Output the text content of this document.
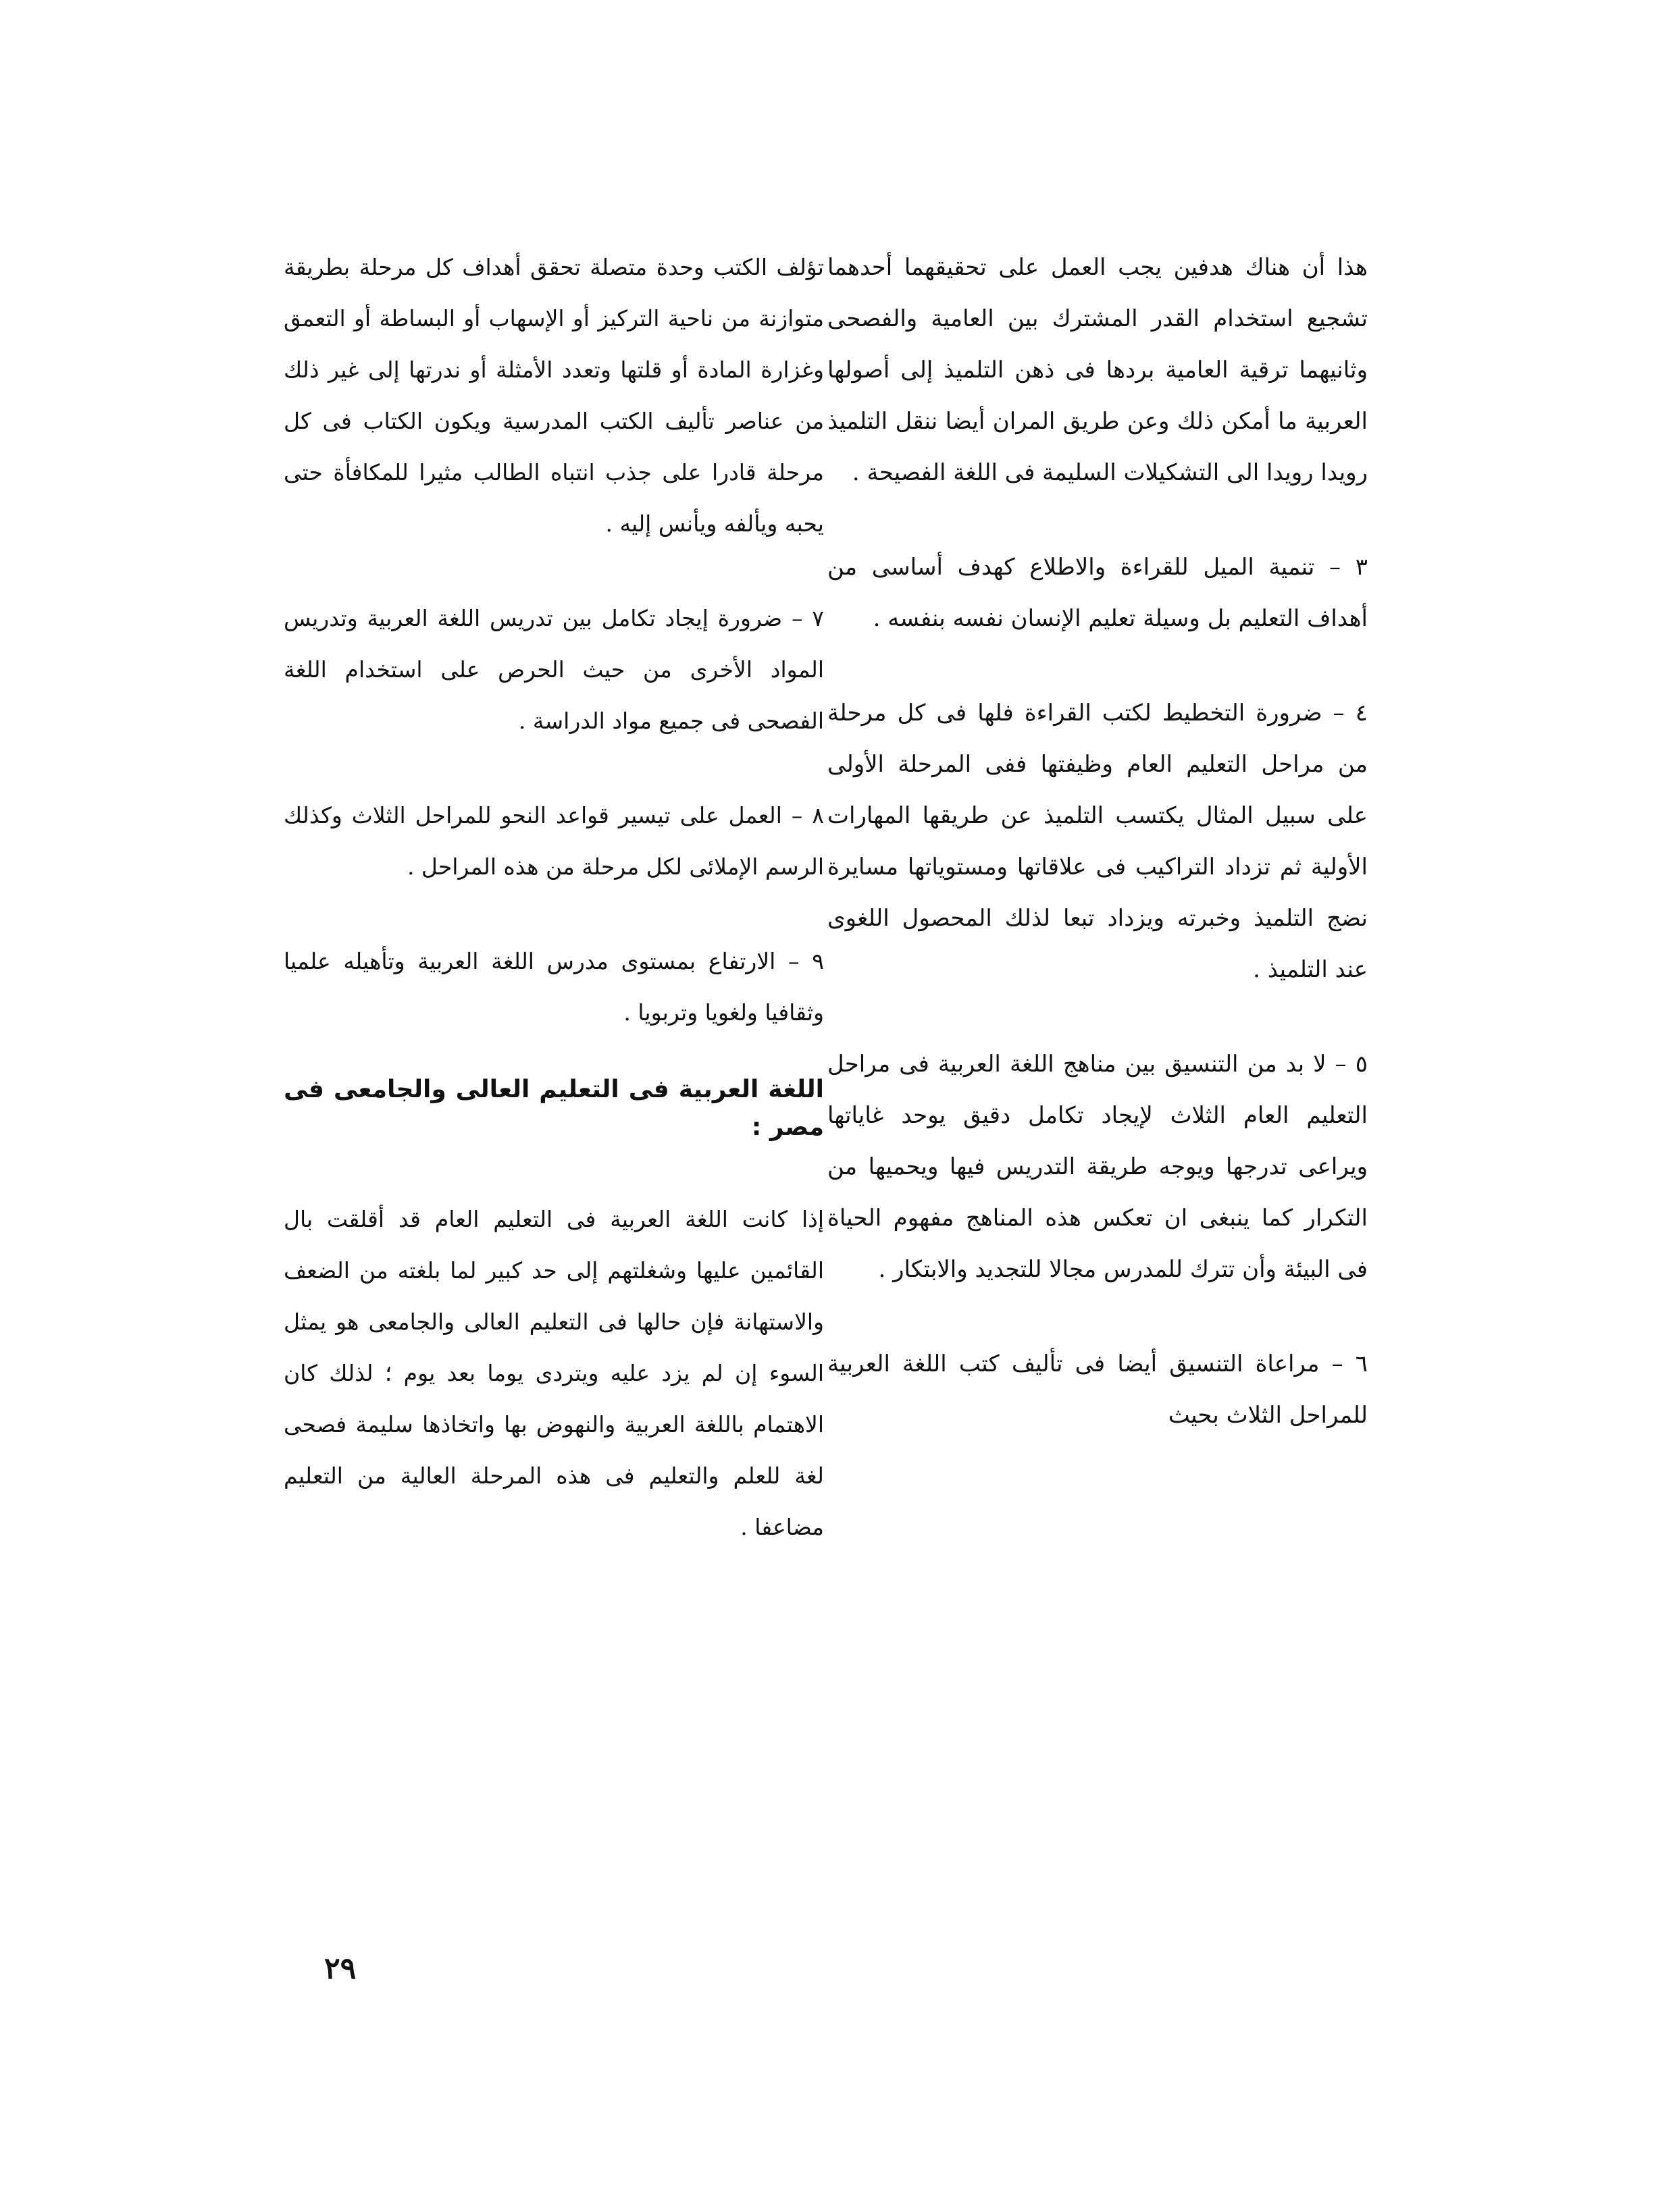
هذا أن هناك هدفين يجب العمل على تحقيقهما أحدهما تشجيع استخدام القدر المشترك بين العامية والفصحى وثانيهما ترقية العامية بردها فى ذهن التلميذ إلى أصولها العربية ما أمكن ذلك وعن طريق المران أيضا ننقل التلميذ رويدا رويدا الى التشكيلات السليمة فى اللغة الفصيحة .

٣ – تنمية الميل للقراءة والاطلاع كهدف أساسى من أهداف التعليم بل وسيلة تعليم الإنسان نفسه بنفسه .

٤ – ضرورة التخطيط لكتب القراءة فلها فى كل مرحلة من مراحل التعليم العام وظيفتها ففى المرحلة الأولى على سبيل المثال يكتسب التلميذ عن طريقها المهارات الأولية ثم تزداد التراكيب فى علاقاتها ومستوياتها مسايرة نضج التلميذ وخبرته ويزداد تبعا لذلك المحصول اللغوى عند التلميذ .

٥ – لا بد من التنسيق بين مناهج اللغة العربية فى مراحل التعليم العام الثلاث لإيجاد تكامل دقيق يوحد غاياتها ويراعى تدرجها ويوجه طريقة التدريس فيها ويحميها من التكرار كما ينبغى ان تعكس هذه المناهج مفهوم الحياة فى البيئة وأن تترك للمدرس مجالا للتجديد والابتكار .

٦ – مراعاة التنسيق أيضا فى تأليف كتب اللغة العربية للمراحل الثلاث بحيث

تؤلف الكتب وحدة متصلة تحقق أهداف كل مرحلة بطريقة متوازنة من ناحية التركيز أو الإسهاب أو البساطة أو التعمق وغزارة المادة أو قلتها وتعدد الأمثلة أو ندرتها إلى غير ذلك من عناصر تأليف الكتب المدرسية ويكون الكتاب فى كل مرحلة قادرا على جذب انتباه الطالب مثيرا للمكافأة حتى يحبه ويألفه ويأنس إليه .

٧ – ضرورة إيجاد تكامل بين تدريس اللغة العربية وتدريس المواد الأخرى من حيث الحرص على استخدام اللغة الفصحى فى جميع مواد الدراسة .

٨ – العمل على تيسير قواعد النحو للمراحل الثلاث وكذلك الرسم الإملائى لكل مرحلة من هذه المراحل .

٩ – الارتفاع بمستوى مدرس اللغة العربية وتأهيله علميا وثقافيا ولغويا وتربويا .

اللغة العربية فى التعليم العالى والجامعى فى مصر :

إذا كانت اللغة العربية فى التعليم العام قد أقلقت بال القائمين عليها وشغلتهم إلى حد كبير لما بلغته من الضعف والاستهانة فإن حالها فى التعليم العالى والجامعى هو يمثل السوء إن لم يزد عليه ويتردى يوما بعد يوم ؛ لذلك كان الاهتمام باللغة العربية والنهوض بها واتخاذها سليمة فصحى لغة للعلم والتعليم فى هذه المرحلة العالية من التعليم مضاعفا .

٢٩
